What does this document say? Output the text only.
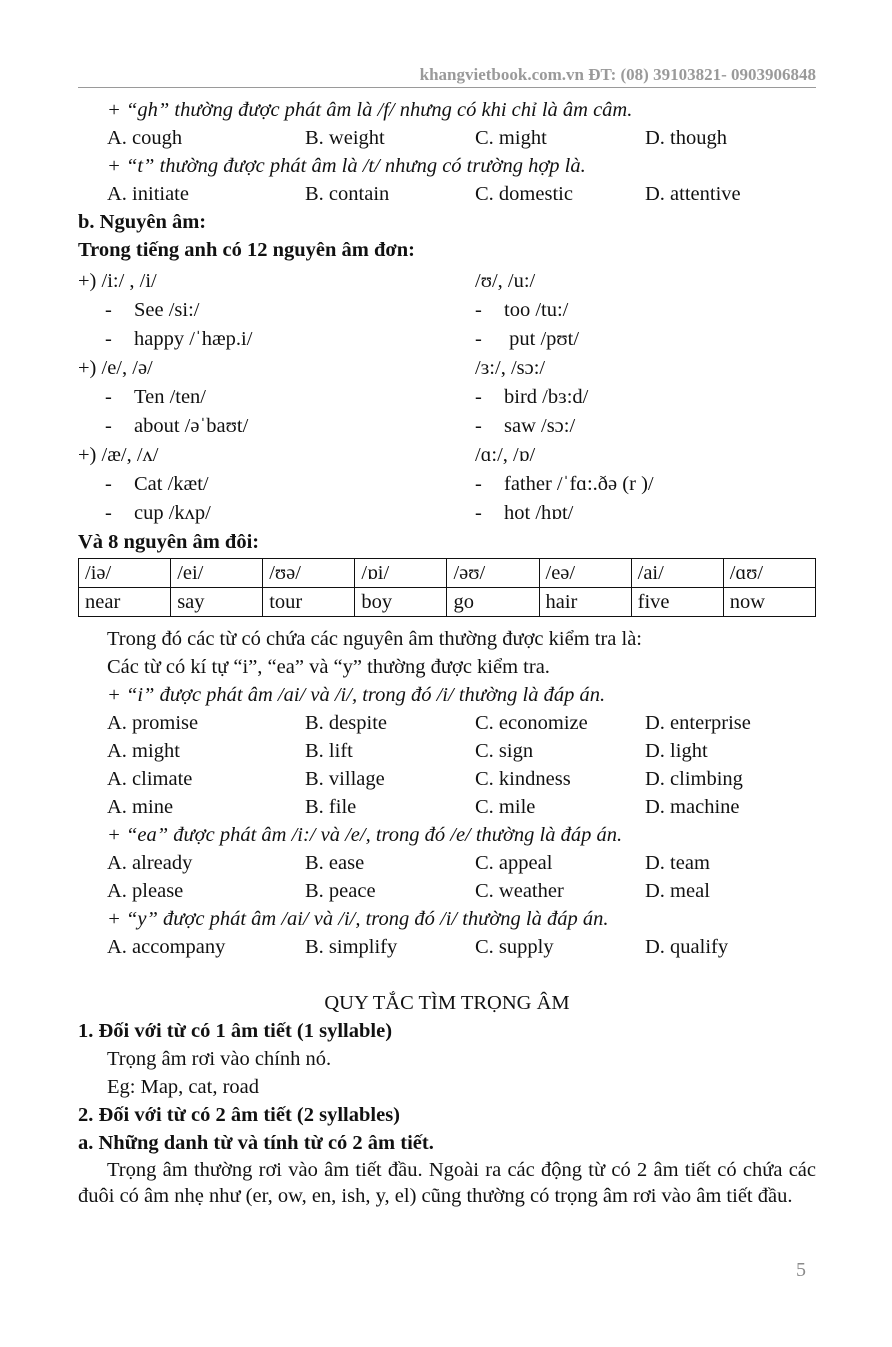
khangvietbook.com.vn ĐT: (08) 39103821- 0903906848
+ “gh” thường được phát âm là /f/ nhưng có khi chỉ là âm câm.
A. cough	B. weight	C. might	D. though
+ “t” thường được phát âm là /t/ nhưng có trường hợp là.
A. initiate	B. contain	C. domestic	D. attentive
b. Nguyên âm:
Trong tiếng anh có 12 nguyên âm đơn:
+) /i:/ , /i/	/ʊ/, /u:/
- See /si:/	- too /tu:/
- happy /ˈhæp.i/	- put /pʊt/
+) /e/, /ə/	/ɜ:/, /sɔ:/
- Ten /ten/	- bird /bɜ:d/
- about /əˈbaʊt/	- saw /sɔ:/
+) /æ/, /ʌ/	/ɑ:/, /ɒ/
- Cat /kæt/	- father /ˈfɑ:.ðə (r )/
- cup /kʌp/	- hot /hɒt/
Và 8 nguyên âm đôi:
/iə/	/ei/	/ʊə/	/ɒi/	/əʊ/	/eə/	/ai/	/ɑʊ/
near	say	tour	boy	go	hair	five	now
Trong đó các từ có chứa các nguyên âm thường được kiểm tra là:
Các từ có kí tự “i”, “ea” và “y” thường được kiểm tra.
+ “i” được phát âm /ai/ và /i/, trong đó /i/ thường là đáp án.
A. promise	B. despite	C. economize	D. enterprise
A. might	B. lift	C. sign	D. light
A. climate	B. village	C. kindness	D. climbing
A. mine	B. file	C. mile	D. machine
+ “ea” được phát âm /i:/ và /e/, trong đó /e/ thường là đáp án.
A. already	B. ease	C. appeal	D. team
A. please	B. peace	C. weather	D. meal
+ “y” được phát âm /ai/ và /i/, trong đó /i/ thường là đáp án.
A. accompany	B. simplify	C. supply	D. qualify
QUY TẮC TÌM TRỌNG ÂM
1. Đối với từ có 1 âm tiết (1 syllable)
Trọng âm rơi vào chính nó.
Eg: Map, cat, road
2. Đối với từ có 2 âm tiết (2 syllables)
a. Những danh từ và tính từ có 2 âm tiết.
Trọng âm thường rơi vào âm tiết đầu. Ngoài ra các động từ có 2 âm tiết có chứa các đuôi có âm nhẹ như (er, ow, en, ish, y, el) cũng thường có trọng âm rơi vào âm tiết đầu.
5
